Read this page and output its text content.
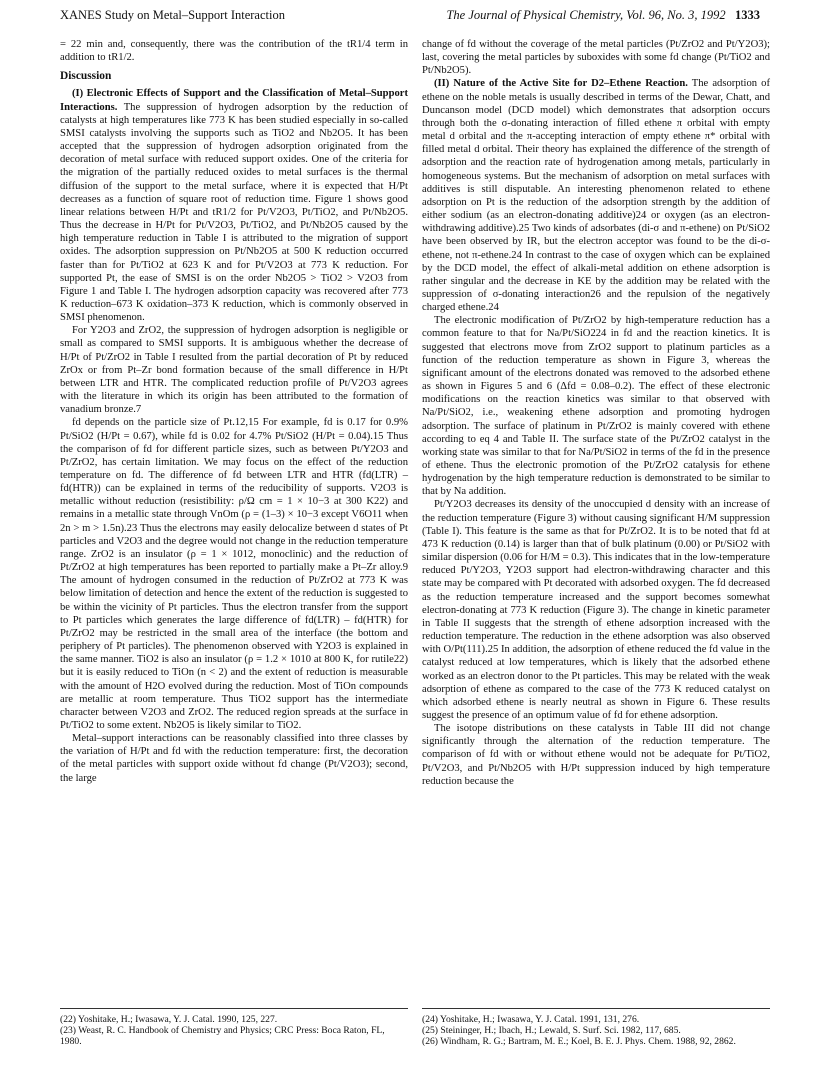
XANES Study on Metal–Support Interaction	The Journal of Physical Chemistry, Vol. 96, No. 3, 1992 1333

= 22 min and, consequently, there was the contribution of the tR1/4 term in addition to tR1/2.

Discussion

(I) Electronic Effects of Support and the Classification of Metal–Support Interactions. The suppression of hydrogen adsorption by the reduction of catalysts at high temperatures like 773 K has been studied especially in so-called SMSI catalysts involving the supports such as TiO2 and Nb2O5. It has been accepted that the suppression of hydrogen adsorption originated from the decoration of metal surface with reduced support oxides. One of the criteria for the migration of the partially reduced oxides to metal surfaces is the thermal diffusion of the support to the metal surface, where it is expected that H/Pt decreases as a function of square root of reduction time. Figure 1 shows good linear relations between H/Pt and tR1/2 for Pt/V2O3, Pt/TiO2, and Pt/Nb2O5. Thus the decrease in H/Pt for Pt/V2O3, Pt/TiO2, and Pt/Nb2O5 caused by the high temperature reduction in Table I is attributed to the migration of support oxides. The adsorption suppression on Pt/Nb2O5 at 500 K reduction occurred faster than for Pt/TiO2 at 623 K and for Pt/V2O3 at 773 K reduction. For supported Pt, the ease of SMSI is on the order Nb2O5 > TiO2 > V2O3 from Figure 1 and Table I. The hydrogen adsorption capacity was recovered after 773 K reduction–673 K oxidation–373 K reduction, which is commonly observed in SMSI phenomenon.

For Y2O3 and ZrO2, the suppression of hydrogen adsorption is negligible or small as compared to SMSI supports. It is ambiguous whether the decrease of H/Pt of Pt/ZrO2 in Table I resulted from the partial decoration of Pt by reduced ZrOx or from Pt–Zr bond formation because of the small difference in H/Pt between LTR and HTR. The complicated reduction profile of Pt/V2O3 agrees with the literature in which its origin has been attributed to the formation of vanadium bronze.7

fd depends on the particle size of Pt.12,15 For example, fd is 0.17 for 0.9% Pt/SiO2 (H/Pt = 0.67), while fd is 0.02 for 4.7% Pt/SiO2 (H/Pt = 0.04).15 Thus the comparison of fd for different particle sizes, such as between Pt/Y2O3 and Pt/ZrO2, has certain limitation. We may focus on the effect of the reduction temperature on fd. The difference of fd between LTR and HTR (fd(LTR) – fd(HTR)) can be explained in terms of the reducibility of supports. V2O3 is metallic without reduction (resistibility: ρ/Ω cm = 1 × 10−3 at 300 K22) and remains in a metallic state through VnOm (ρ = (1–3) × 10−3 except V6O11 when 2n > m > 1.5n).23 Thus the electrons may easily delocalize between d states of Pt particles and V2O3 and the degree would not change in the reduction temperature range. ZrO2 is an insulator (ρ = 1 × 1012, monoclinic) and the reduction of Pt/ZrO2 at high temperatures has been reported to partially make a Pt–Zr alloy.9 The amount of hydrogen consumed in the reduction of Pt/ZrO2 at 773 K was below limitation of detection and hence the extent of the reduction is suggested to be within the vicinity of Pt particles. Thus the electron transfer from the support to Pt particles which generates the large difference of fd(LTR) – fd(HTR) for Pt/ZrO2 may be restricted in the small area of the interface (the bottom and periphery of Pt particles). The phenomenon observed with Y2O3 is explained in the same manner. TiO2 is also an insulator (ρ = 1.2 × 1010 at 800 K, for rutile22) but it is easily reduced to TiOn (n < 2) and the extent of reduction is measurable with the amount of H2O evolved during the reduction. Most of TiOn compounds are metallic at room temperature. Thus TiO2 support has the intermediate character between V2O3 and ZrO2. The reduced region spreads at the surface in Pt/TiO2 to some extent. Nb2O5 is likely similar to TiO2.

Metal–support interactions can be reasonably classified into three classes by the variation of H/Pt and fd with the reduction temperature: first, the decoration of the metal particles with support oxide without fd change (Pt/V2O3); second, the large

change of fd without the coverage of the metal particles (Pt/ZrO2 and Pt/Y2O3); last, covering the metal particles by suboxides with some fd change (Pt/TiO2 and Pt/Nb2O5).

(II) Nature of the Active Site for D2–Ethene Reaction. The adsorption of ethene on the noble metals is usually described in terms of the Dewar, Chatt, and Duncanson model (DCD model) which demonstrates that adsorption occurs through both the σ-donating interaction of filled ethene π orbital with empty metal d orbital and the π-accepting interaction of empty ethene π* orbital with filled metal d orbital. Their theory has explained the difference of the strength of adsorption and the reaction rate of hydrogenation among metals, particularly in homogeneous systems. But the mechanism of adsorption on metal surfaces with additives is still disputable. An interesting phenomenon related to ethene adsorption on Pt is the reduction of the adsorption strength by the addition of either sodium (as an electron-donating additive)24 or oxygen (as an electron-withdrawing additive).25 Two kinds of adsorbates (di-σ and π-ethene) on Pt/SiO2 have been observed by IR, but the electron acceptor was found to be the di-σ-ethene, not π-ethene.24 In contrast to the case of oxygen which can be explained by the DCD model, the effect of alkali-metal addition on ethene adsorption is rather singular and the decrease in KE by the addition may be related with the suppression of σ-donating interaction26 and the repulsion of the negatively charged ethene.24

The electronic modification of Pt/ZrO2 by high-temperature reduction has a common feature to that for Na/Pt/SiO224 in fd and the reaction kinetics. It is suggested that electrons move from ZrO2 support to platinum particles as a function of the reduction temperature as shown in Figure 3, whereas the significant amount of the electrons donated was removed to the adsorbed ethene as shown in Figures 5 and 6 (Δfd = 0.08–0.2). The effect of these electronic modifications on the reaction kinetics was similar to that observed with Na/Pt/SiO2, i.e., weakening ethene adsorption and promoting hydrogen adsorption. The surface of platinum in Pt/ZrO2 is mainly covered with ethene according to eq 4 and Table II. The surface state of the Pt/ZrO2 catalyst in the working state was similar to that for Na/Pt/SiO2 in terms of the fd in the presence of ethene. Thus the electronic promotion of the Pt/ZrO2 catalysis for ethene hydrogenation by the high temperature reduction is demonstrated to be similar to that by Na addition.

Pt/Y2O3 decreases its density of the unoccupied d density with an increase of the reduction temperature (Figure 3) without causing significant H/M suppression (Table I). This feature is the same as that for Pt/ZrO2. It is to be noted that fd at 473 K reduction (0.14) is larger than that of bulk platinum (0.00) or Pt/SiO2 with similar dispersion (0.06 for H/M = 0.3). This indicates that in the low-temperature reduced Pt/Y2O3, Y2O3 support had electron-withdrawing character and this state may be compared with Pt decorated with adsorbed oxygen. The fd decreased as the reduction temperature increased and the support becomes somewhat electron-donating at 773 K reduction (Figure 3). The change in kinetic parameter in Table II suggests that the strength of ethene adsorption increased with the reduction temperature. The reduction in the ethene adsorption was also observed with O/Pt(111).25 In addition, the adsorption of ethene reduced the fd value in the catalyst reduced at low temperatures, which is likely that the adsorbed ethene worked as an electron donor to the Pt particles. This may be related with the weak adsorption of ethene as compared to the case of the 773 K reduced catalyst on which adsorbed ethene is nearly neutral as shown in Figure 6. These results suggest the presence of an optimum value of fd for ethene adsorption.

The isotope distributions on these catalysts in Table III did not change significantly through the alternation of the reduction temperature. The comparison of fd with or without ethene would not be adequate for Pt/TiO2, Pt/V2O3, and Pt/Nb2O5 with H/Pt suppression induced by high temperature reduction because the

(22) Yoshitake, H.; Iwasawa, Y. J. Catal. 1990, 125, 227.
(23) Weast, R. C. Handbook of Chemistry and Physics; CRC Press: Boca Raton, FL, 1980.
(24) Yoshitake, H.; Iwasawa, Y. J. Catal. 1991, 131, 276.
(25) Steininger, H.; Ibach, H.; Lewald, S. Surf. Sci. 1982, 117, 685.
(26) Windham, R. G.; Bartram, M. E.; Koel, B. E. J. Phys. Chem. 1988, 92, 2862.
